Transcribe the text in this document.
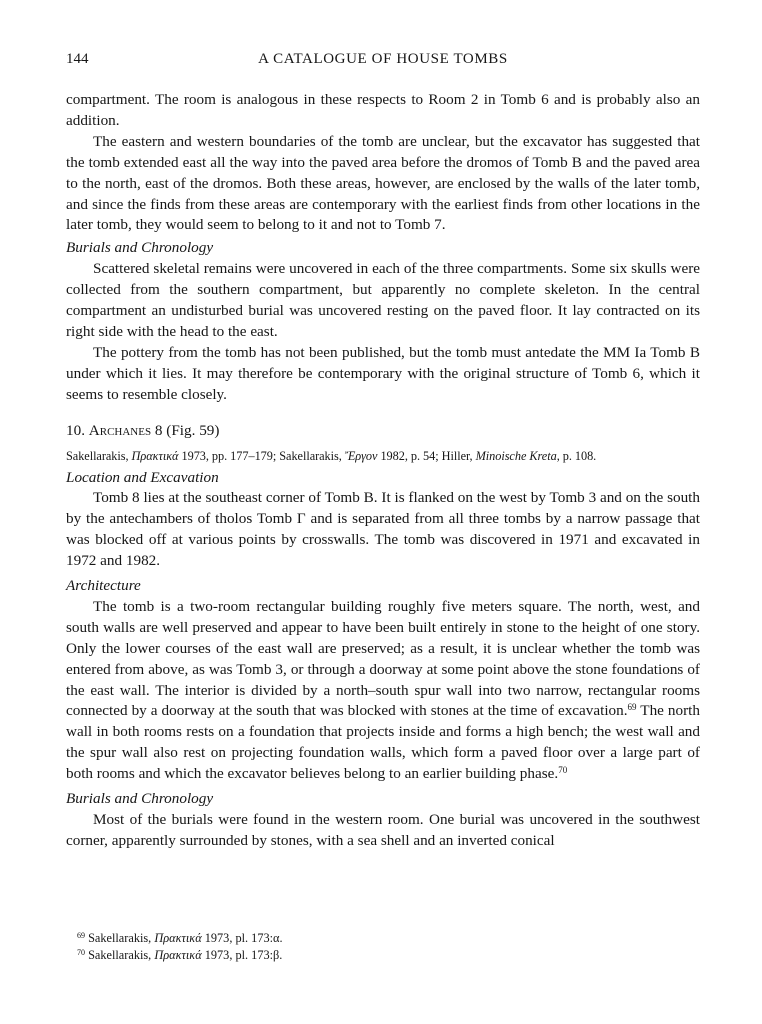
144	A CATALOGUE OF HOUSE TOMBS

compartment. The room is analogous in these respects to Room 2 in Tomb 6 and is probably also an addition.

The eastern and western boundaries of the tomb are unclear, but the excavator has suggested that the tomb extended east all the way into the paved area before the dromos of Tomb B and the paved area to the north, east of the dromos. Both these areas, however, are enclosed by the walls of the later tomb, and since the finds from these areas are contemporary with the earliest finds from other locations in the later tomb, they would seem to belong to it and not to Tomb 7.

Burials and Chronology

Scattered skeletal remains were uncovered in each of the three compartments. Some six skulls were collected from the southern compartment, but apparently no complete skeleton. In the central compartment an undisturbed burial was uncovered resting on the paved floor. It lay contracted on its right side with the head to the east.

The pottery from the tomb has not been published, but the tomb must antedate the MM Ia Tomb B under which it lies. It may therefore be contemporary with the original structure of Tomb 6, which it seems to resemble closely.

10. Archanes 8 (Fig. 59)
Sakellarakis, Πρακτικά 1973, pp. 177–179; Sakellarakis, Ἔργον 1982, p. 54; Hiller, Minoische Kreta, p. 108.
Location and Excavation

Tomb 8 lies at the southeast corner of Tomb B. It is flanked on the west by Tomb 3 and on the south by the antechambers of tholos Tomb Γ and is separated from all three tombs by a narrow passage that was blocked off at various points by crosswalls. The tomb was discovered in 1971 and excavated in 1972 and 1982.

Architecture

The tomb is a two-room rectangular building roughly five meters square. The north, west, and south walls are well preserved and appear to have been built entirely in stone to the height of one story. Only the lower courses of the east wall are preserved; as a result, it is unclear whether the tomb was entered from above, as was Tomb 3, or through a doorway at some point above the stone foundations of the east wall. The interior is divided by a north–south spur wall into two narrow, rectangular rooms connected by a doorway at the south that was blocked with stones at the time of excavation.$^{69}$ The north wall in both rooms rests on a foundation that projects inside and forms a high bench; the west wall and the spur wall also rest on projecting foundation walls, which form a paved floor over a large part of both rooms and which the excavator believes belong to an earlier building phase.$^{70}$

Burials and Chronology

Most of the burials were found in the western room. One burial was uncovered in the southwest corner, apparently surrounded by stones, with a sea shell and an inverted conical

$^{69}$ Sakellarakis, Πρακτικά 1973, pl. 173:α.
$^{70}$ Sakellarakis, Πρακτικά 1973, pl. 173:β.
